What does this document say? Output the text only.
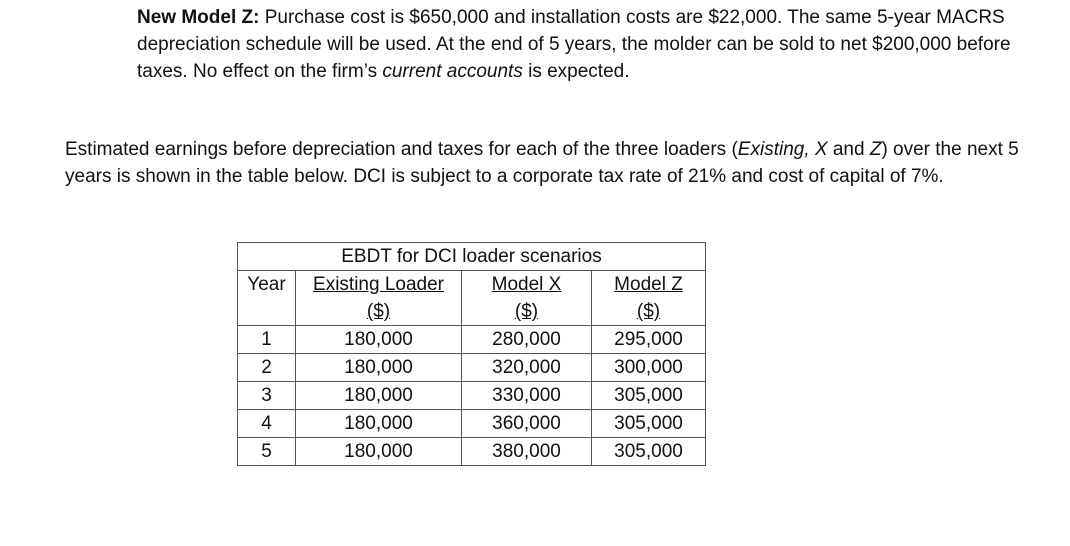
New Model Z: Purchase cost is $650,000 and installation costs are $22,000. The same 5-year MACRS depreciation schedule will be used. At the end of 5 years, the molder can be sold to net $200,000 before taxes. No effect on the firm’s current accounts is expected.

Estimated earnings before depreciation and taxes for each of the three loaders (Existing, X and Z) over the next 5 years is shown in the table below. DCI is subject to a corporate tax rate of 21% and cost of capital of 7%.

EBDT for DCI loader scenarios			
Year	Existing Loader	Model X	Model Z
	($)	($)	($)
1	180,000	280,000	295,000
2	180,000	320,000	300,000
3	180,000	330,000	305,000
4	180,000	360,000	305,000
5	180,000	380,000	305,000
